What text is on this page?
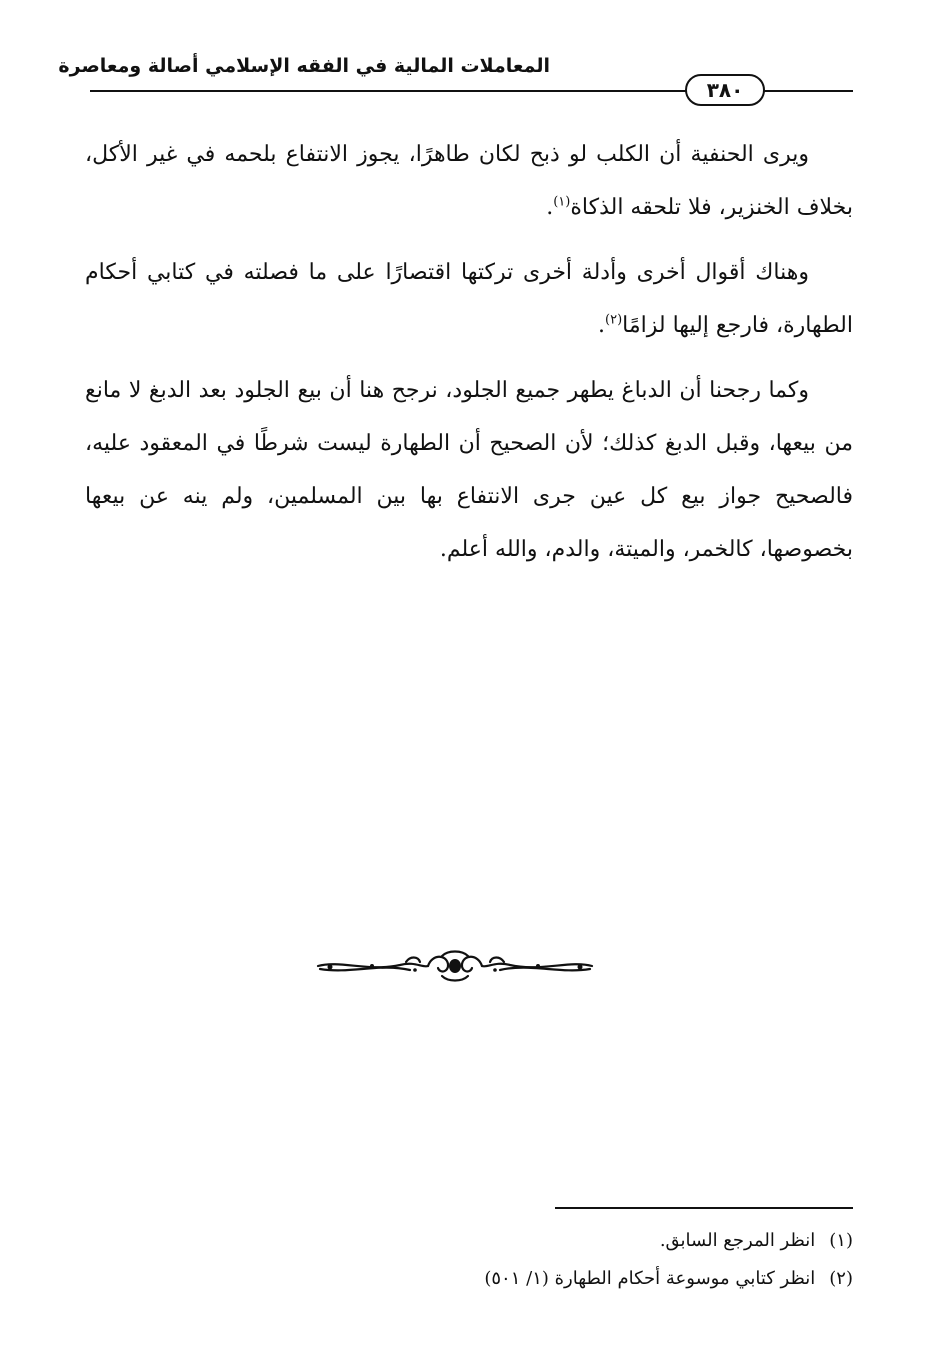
المعاملات المالية في الفقه الإسلامي أصالة ومعاصرة
٣٨٠

ويرى الحنفية أن الكلب لو ذبح لكان طاهرًا، يجوز الانتفاع بلحمه في غير الأكل، بخلاف الخنزير، فلا تلحقه الذكاة$^{(١)}$.

وهناك أقوال أخرى وأدلة أخرى تركتها اقتصارًا على ما فصلته في كتابي أحكام الطهارة، فارجع إليها لزامًا$^{(٢)}$.

وكما رجحنا أن الدباغ يطهر جميع الجلود، نرجح هنا أن بيع الجلود بعد الدبغ لا مانع من بيعها، وقبل الدبغ كذلك؛ لأن الصحيح أن الطهارة ليست شرطًا في المعقود عليه، فالصحيح جواز بيع كل عين جرى الانتفاع بها بين المسلمين، ولم ينه عن بيعها بخصوصها، كالخمر، والميتة، والدم، والله أعلم.

(١)انظر المرجع السابق.
(٢)انظر كتابي موسوعة أحكام الطهارة (١/ ٥٠١)
